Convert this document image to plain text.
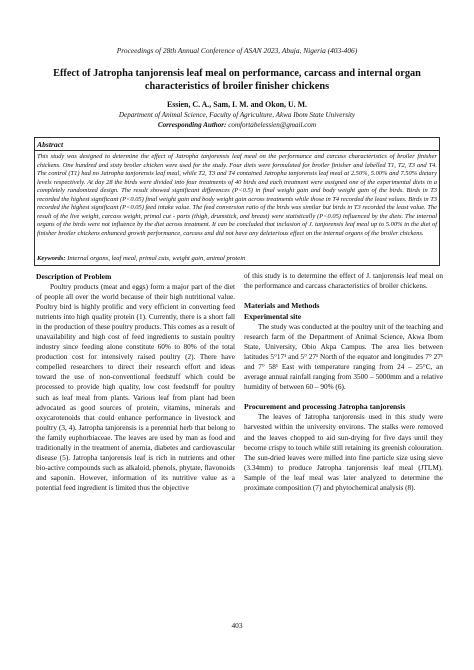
Proceedings of 28th Annual Conference of ASAN 2023, Abuja, Nigeria (403-406)
Effect of Jatropha tanjorensis leaf meal on performance, carcass and internal organ characteristics of broiler finisher chickens
Essien, C. A., Sam, I. M. and Okon, U. M.
Department of Animal Science, Faculty of Agriculture, Akwa Ibom State University
Corresponding Author: comfortabelessien@gmail.com
Abstract
This study was designed to determine the effect of Jatropha tanjorensis leaf meal on the performance and carcass characteristics of broiler finisher chickens. One hundred and sixty broiler chicken were used for the study. Four diets were formulated for broiler finisher and labelled T1, T2, T3 and T4. The control (T1) had no Jatropha tanjorensis leaf meal, while T2, T3 and T4 contained Jatropha tanjorensis leaf meal at 2.50%, 5.00% and 7.50% dietary levels respectively. At day 28 the birds were divided into four treatments of 40 birds and each treatment were assigned one of the experimental diets in a completely randomized design. The result showed significant differences (P<0.5) in final weight gain and body weight gain of the birds. Birds in T3 recorded the highest significant (P<0.05) final weight gain and body weight gain across treatments while those in T4 recorded the least values. Birds in T3 recorded the highest significant (P<0.05) feed intake value. The feed conversion ratio of the birds was similar but birds in T3 recorded the least value. The result of the live weight, carcass weight, primal cut - parts (thigh, drumstick, and breast) were statistically (P<0.05) influenced by the diets. The internal organs of the birds were not influence by the diet across treatment. It can be concluded that inclusion of J. tanjorensis leaf meal up to 5.00% in the diet of finisher broiler chickens enhanced growth performance, carcass and did not have any deleterious effect on the internal organs of the broiler chickens.
Keywords: Internal organs, leaf meal, primal cuts, weight gain, animal protein
Description of Problem

Poultry products (meat and eggs) form a major part of the diet of people all over the world because of their high nutritional value. Poultry bird is highly prolific and very efficient in converting feed nutrients into high quality protein (1). Currently, there is a short fall in the production of these poultry products. This comes as a result of unavailability and high cost of feed ingredients to sustain poultry industry since feeding alone constitute 60% to 80% of the total production cost for intensively raised poultry (2). There have compelled researchers to direct their research effort and ideas toward the use of non-conventional feedstuff which could be processed to provide high quality, low cost feedstuff for poultry such as leaf meal from plants. Various leaf from plant had been advocated as good sources of protein, vitamins, minerals and oxycarotenoids that could enhance performance in livestock and poultry (3, 4). Jatropha tanjorensis is a perennial herb that belong to the family euphorbiaceae. The leaves are used by man as food and traditionally in the treatment of anemia, diabetes and cardiovascular disease (5). Jatropha tanjorensis leaf is rich in nutrients and other bio-active compounds such as alkaloid, phenols, phytate, flavonoids and saponin. However, information of its nutritive value as a potential feed ingredient is limited thus the objective

of this study is to determine the effect of J. tanjorensis leaf meal on the performance and carcass characteristics of broiler chickens.

Materials and Methods
Experimental site

The study was conducted at the poultry unit of the teaching and research farm of the Department of Animal Science, Akwa Ibom State, University, Obio Akpa Campus. The area lies between latitudes 5°17¹ and 5° 27¹ North of the equator and longitudes 7° 27¹ and 7° 58¹ East with temperature ranging from 24 – 25°C, an average annual rainfall ranging from 3500 – 5000mm and a relative humidity of between 60 – 90% (6).

Procurement and processing Jatropha tanjorensis

The leaves of Jatropha tanjorensis used in this study were harvested within the university environs. The stalks were removed and the leaves chopped to aid sun-drying for five days until they become crispy to touch while still retaining its greenish colouration. The sun-dried leaves were milled into fine particle size using sieve (3.34mm) to produce Jatropha tanjorensis leaf meal (JTLM). Sample of the leaf meal was later analyzed to determine the proximate composition (7) and phytochemical analysis (8).

403
